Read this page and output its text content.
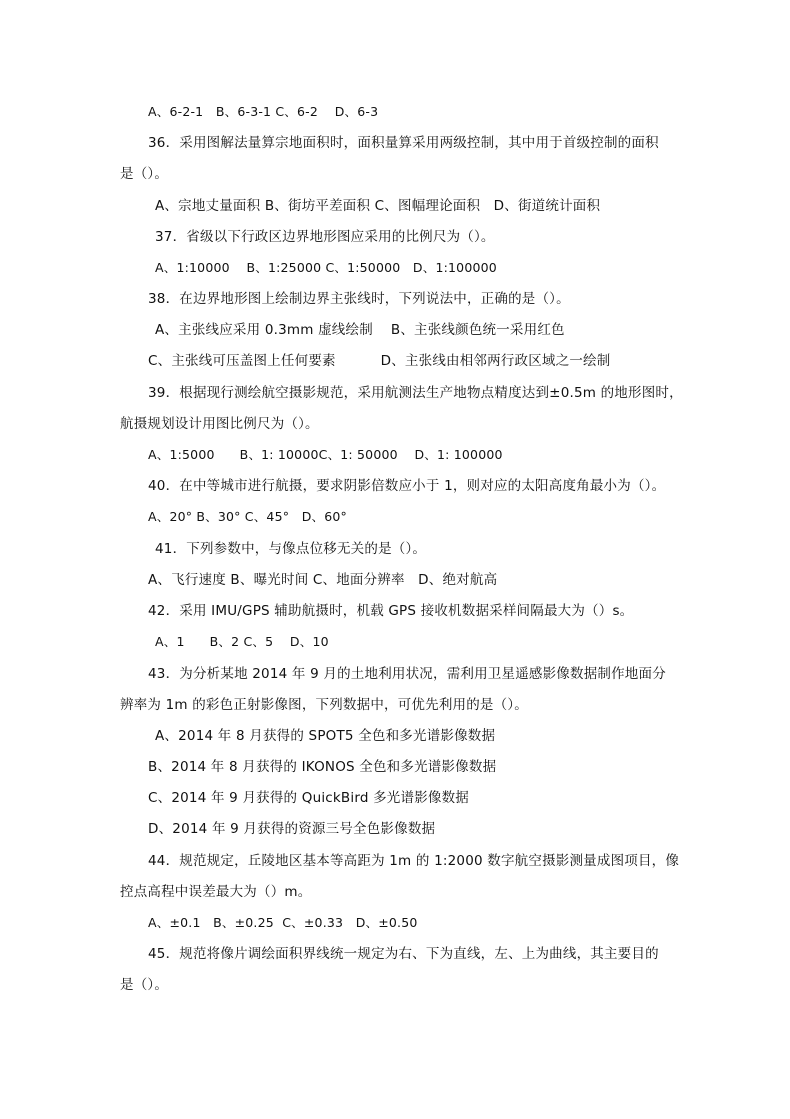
A、6-2-1   B、6-3-1 C、6-2    D、6-3
36．采用图解法量算宗地面积时，面积量算采用两级控制，其中用于首级控制的面积
是（）。
A、宗地丈量面积 B、街坊平差面积 C、图幅理论面积   D、街道统计面积
37．省级以下行政区边界地形图应采用的比例尺为（）。
A、1:10000    B、1:25000 C、1:50000   D、1:100000
38．在边界地形图上绘制边界主张线时，下列说法中，正确的是（）。
A、主张线应采用 0.3mm 虚线绘制    B、主张线颜色统一采用红色
C、主张线可压盖图上任何要素          D、主张线由相邻两行政区域之一绘制
39．根据现行测绘航空摄影规范，采用航测法生产地物点精度达到±0.5m 的地形图时，
航摄规划设计用图比例尺为（）。
A、1:5000      B、1: 10000C、1: 50000    D、1: 100000
40．在中等城市进行航摄，要求阴影倍数应小于 1，则对应的太阳高度角最小为（）。
A、20° B、30° C、45°   D、60°
41．下列参数中，与像点位移无关的是（）。
A、飞行速度 B、曝光时间 C、地面分辨率   D、绝对航高
42．采用 IMU/GPS 辅助航摄时，机载 GPS 接收机数据采样间隔最大为（）s。
A、1      B、2 C、5    D、10
43．为分析某地 2014 年 9 月的土地利用状况，需利用卫星遥感影像数据制作地面分
辨率为 1m 的彩色正射影像图，下列数据中，可优先利用的是（）。
A、2014 年 8 月获得的 SPOT5 全色和多光谱影像数据
B、2014 年 8 月获得的 IKONOS 全色和多光谱影像数据
C、2014 年 9 月获得的 QuickBird 多光谱影像数据
D、2014 年 9 月获得的资源三号全色影像数据
44．规范规定，丘陵地区基本等高距为 1m 的 1:2000 数字航空摄影测量成图项目，像
控点高程中误差最大为（）m。
A、±0.1   B、±0.25  C、±0.33   D、±0.50
45．规范将像片调绘面积界线统一规定为右、下为直线，左、上为曲线，其主要目的
是（）。
